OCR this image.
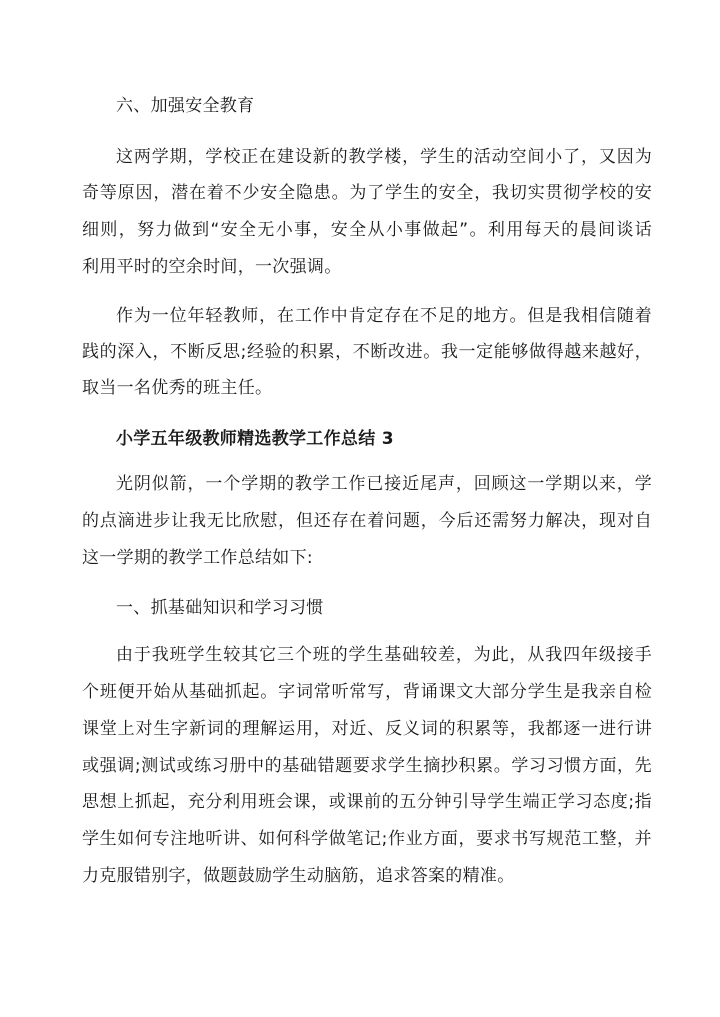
六、加强安全教育
这两学期，学校正在建设新的教学楼，学生的活动空间小了，又因为
奇等原因，潜在着不少安全隐患。为了学生的安全，我切实贯彻学校的安
细则，努力做到“安全无小事，安全从小事做起”。利用每天的晨间谈话
利用平时的空余时间，一次强调。
作为一位年轻教师，在工作中肯定存在不足的地方。但是我相信随着
践的深入，不断反思;经验的积累，不断改进。我一定能够做得越来越好，
取当一名优秀的班主任。
小学五年级教师精选教学工作总结 3
光阴似箭，一个学期的教学工作已接近尾声，回顾这一学期以来，学
的点滴进步让我无比欣慰，但还存在着问题，今后还需努力解决，现对自
这一学期的教学工作总结如下:
一、抓基础知识和学习习惯
由于我班学生较其它三个班的学生基础较差，为此，从我四年级接手
个班便开始从基础抓起。字词常听常写，背诵课文大部分学生是我亲自检
课堂上对生字新词的理解运用，对近、反义词的积累等，我都逐一进行讲
或强调;测试或练习册中的基础错题要求学生摘抄积累。学习习惯方面，先
思想上抓起，充分利用班会课，或课前的五分钟引导学生端正学习态度;指
学生如何专注地听讲、如何科学做笔记;作业方面，要求书写规范工整，并
力克服错别字，做题鼓励学生动脑筋，追求答案的精准。
